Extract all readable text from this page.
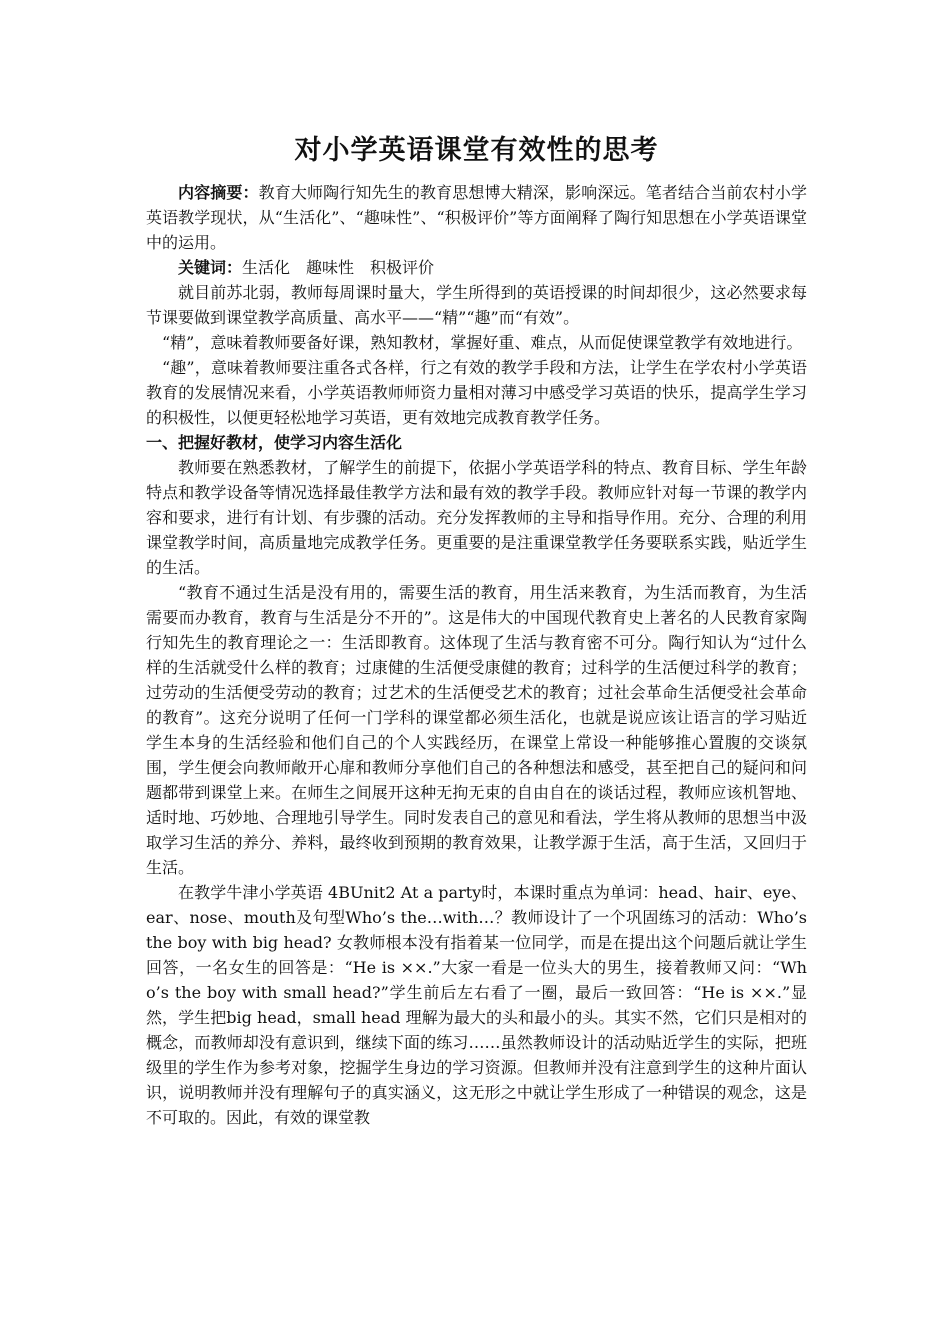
对小学英语课堂有效性的思考

内容摘要：教育大师陶行知先生的教育思想博大精深，影响深远。笔者结合当前农村小学英语教学现状，从“生活化”、“趣味性”、“积极评价”等方面阐释了陶行知思想在小学英语课堂中的运用。

关键词：生活化　趣味性　积极评价

就目前苏北弱，教师每周课时量大，学生所得到的英语授课的时间却很少，这必然要求每节课要做到课堂教学高质量、高水平——“精”“趣”而“有效”。

“精”，意味着教师要备好课，熟知教材，掌握好重、难点，从而促使课堂教学有效地进行。

“趣”，意味着教师要注重各式各样，行之有效的教学手段和方法，让学生在学农村小学英语教育的发展情况来看，小学英语教师师资力量相对薄习中感受学习英语的快乐，提高学生学习的积极性，以便更轻松地学习英语，更有效地完成教育教学任务。

一、把握好教材，使学习内容生活化

教师要在熟悉教材，了解学生的前提下，依据小学英语学科的特点、教育目标、学生年龄特点和教学设备等情况选择最佳教学方法和最有效的教学手段。教师应针对每一节课的教学内容和要求，进行有计划、有步骤的活动。充分发挥教师的主导和指导作用。充分、合理的利用课堂教学时间，高质量地完成教学任务。更重要的是注重课堂教学任务要联系实践，贴近学生的生活。

“教育不通过生活是没有用的，需要生活的教育，用生活来教育，为生活而教育，为生活需要而办教育，教育与生活是分不开的”。这是伟大的中国现代教育史上著名的人民教育家陶行知先生的教育理论之一：生活即教育。这体现了生活与教育密不可分。陶行知认为“过什么样的生活就受什么样的教育；过康健的生活便受康健的教育；过科学的生活便过科学的教育；过劳动的生活便受劳动的教育；过艺术的生活便受艺术的教育；过社会革命生活便受社会革命的教育”。这充分说明了任何一门学科的课堂都必须生活化，也就是说应该让语言的学习贴近学生本身的生活经验和他们自己的个人实践经历，在课堂上常设一种能够推心置腹的交谈氛围，学生便会向教师敞开心扉和教师分享他们自己的各种想法和感受，甚至把自己的疑问和问题都带到课堂上来。在师生之间展开这种无拘无束的自由自在的谈话过程，教师应该机智地、适时地、巧妙地、合理地引导学生。同时发表自己的意见和看法，学生将从教师的思想当中汲取学习生活的养分、养料，最终收到预期的教育效果，让教学源于生活，高于生活，又回归于生活。

在教学牛津小学英语 4BUnit2 At a party时，本课时重点为单词：head、hair、eye、ear、nose、mouth及句型Who’s the…with…？教师设计了一个巩固练习的活动：Who’s the boy with big head? 女教师根本没有指着某一位同学，而是在提出这个问题后就让学生回答，一名女生的回答是：“He is ××.”大家一看是一位头大的男生，接着教师又问：“Who’s the boy with small head?”学生前后左右看了一圈，最后一致回答：“He is ××.”显然，学生把big head，small head 理解为最大的头和最小的头。其实不然，它们只是相对的概念，而教师却没有意识到，继续下面的练习……虽然教师设计的活动贴近学生的实际，把班级里的学生作为参考对象，挖掘学生身边的学习资源。但教师并没有注意到学生的这种片面认识，说明教师并没有理解句子的真实涵义，这无形之中就让学生形成了一种错误的观念，这是不可取的。因此，有效的课堂教
